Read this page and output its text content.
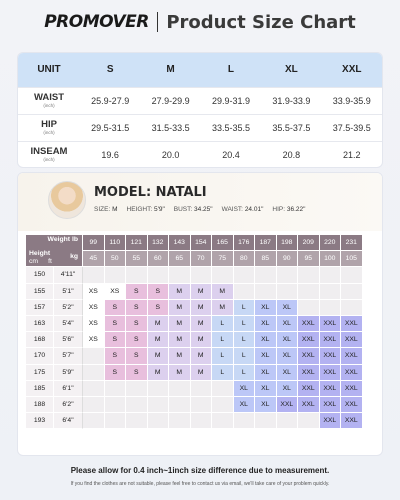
PROMOVER Product Size Chart
UNIT	S	M	L	XL	XXL
WAIST
(inch)	25.9-27.9	27.9-29.9	29.9-31.9	31.9-33.9	33.9-35.9
HIP
(inch)	29.5-31.5	31.5-33.5	33.5-35.5	35.5-37.5	37.5-39.5
INSEAM
(inch)	19.6	20.0	20.4	20.8	21.2
MODEL: NATALI
SIZE: M HEIGHT: 5'9" BUST: 34.25" WAIST: 24.01" HIP: 36.22"
Weight lb
kg
Height
cm ft		99	110	121	132	143	154	165	176	187	198	209	220	231
		45	50	55	60	65	70	75	80	85	90	95	100	105
150	4'11"													
155	5'1"	XS	XS	S	S	M	M	M						
157	5'2"	XS	S	S	S	M	M	M	L	XL	XL			
163	5'4"	XS	S	S	M	M	M	L	L	XL	XL	XXL	XXL	XXL
168	5'6"	XS	S	S	M	M	M	L	L	XL	XL	XXL	XXL	XXL
170	5'7"		S	S	M	M	M	L	L	XL	XL	XXL	XXL	XXL
175	5'9"		S	S	M	M	M	L	L	XL	XL	XXL	XXL	XXL
185	6'1"								XL	XL	XL	XXL	XXL	XXL
188	6'2"								XL	XL	XXL	XXL	XXL	XXL
193	6'4"												XXL	XXL
Please allow for 0.4 inch~1inch size difference due to measurement.
If you find the clothes are not suitable, please feel free to contact us via email, we'll take care of your problem quickly.
